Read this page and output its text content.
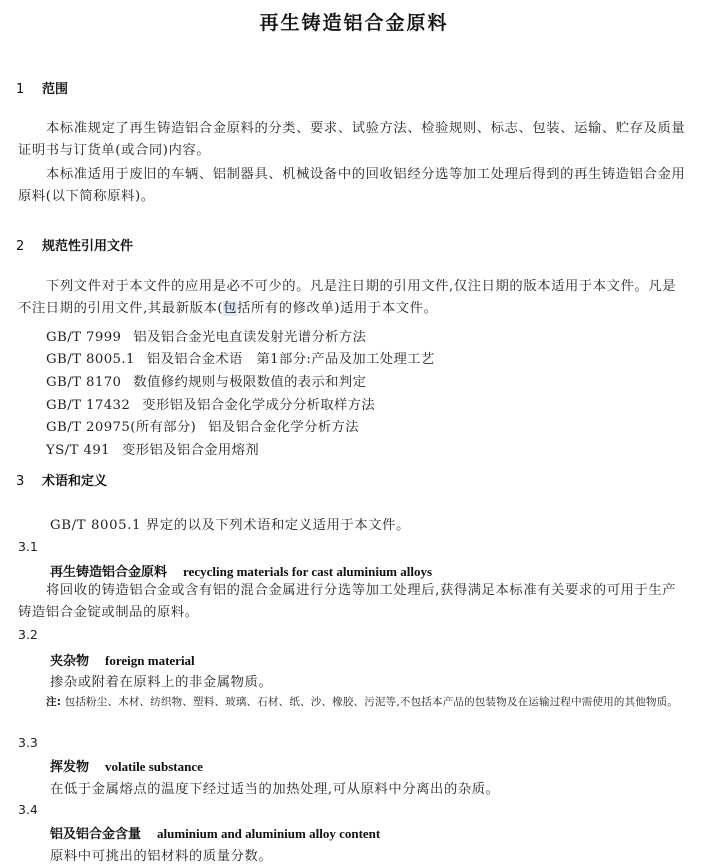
再生铸造铝合金原料
1 范围
本标准规定了再生铸造铝合金原料的分类、要求、试验方法、检验规则、标志、包装、运输、贮存及质量证明书与订货单(或合同)内容。
本标准适用于废旧的车辆、铝制器具、机械设备中的回收铝经分选等加工处理后得到的再生铸造铝合金用原料(以下简称原料)。
2 规范性引用文件
下列文件对于本文件的应用是必不可少的。凡是注日期的引用文件,仅注日期的版本适用于本文件。凡是不注日期的引用文件,其最新版本(包括所有的修改单)适用于本文件。
GB/T 7999 铝及铝合金光电直读发射光谱分析方法
GB/T 8005.1 铝及铝合金术语　第1部分:产品及加工处理工艺
GB/T 8170 数值修约规则与极限数值的表示和判定
GB/T 17432 变形铝及铝合金化学成分分析取样方法
GB/T 20975(所有部分) 铝及铝合金化学分析方法
YS/T 491 变形铝及铝合金用熔剂
3 术语和定义
GB/T 8005.1 界定的以及下列术语和定义适用于本文件。
3.1
再生铸造铝合金原料 recycling materials for cast aluminium alloys
将回收的铸造铝合金或含有铝的混合金属进行分选等加工处理后,获得满足本标准有关要求的可用于生产铸造铝合金锭或制品的原料。
3.2
夹杂物 foreign material
掺杂或附着在原料上的非金属物质。
注: 包括粉尘、木材、纺织物、塑料、玻璃、石材、纸、沙、橡胶、污泥等,不包括本产品的包装物及在运输过程中需使用的其他物质。
3.3
挥发物 volatile substance
在低于金属熔点的温度下经过适当的加热处理,可从原料中分离出的杂质。
3.4
铝及铝合金含量 aluminium and aluminium alloy content
原料中可挑出的铝材料的质量分数。
